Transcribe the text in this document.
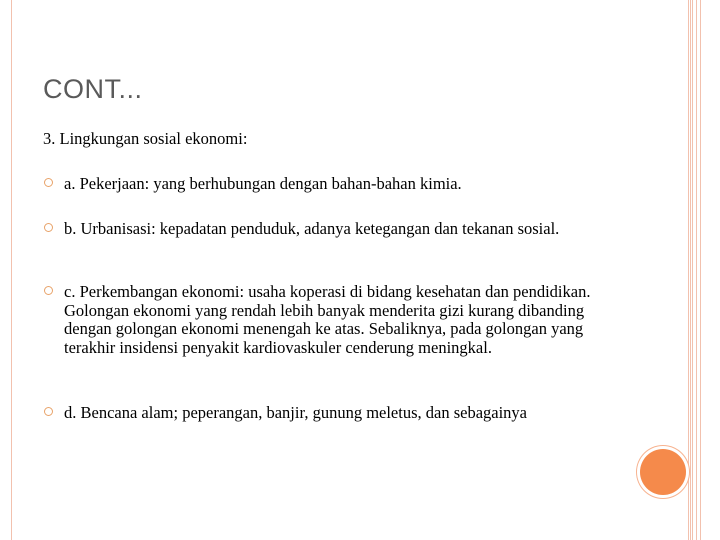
CONT...

3. Lingkungan sosial ekonomi:

a. Pekerjaan: yang berhubungan dengan bahan-bahan kimia.
b. Urbanisasi: kepadatan penduduk, adanya ketegangan dan tekanan sosial.
c. Perkembangan ekonomi: usaha koperasi di bidang kesehatan dan pendidikan. Golongan ekonomi yang rendah lebih banyak menderita gizi kurang dibanding dengan golongan ekonomi menengah ke atas. Sebaliknya, pada golongan yang terakhir insidensi penyakit kardiovaskuler cenderung meningkal.
d. Bencana alam; peperangan, banjir, gunung meletus, dan sebagainya
